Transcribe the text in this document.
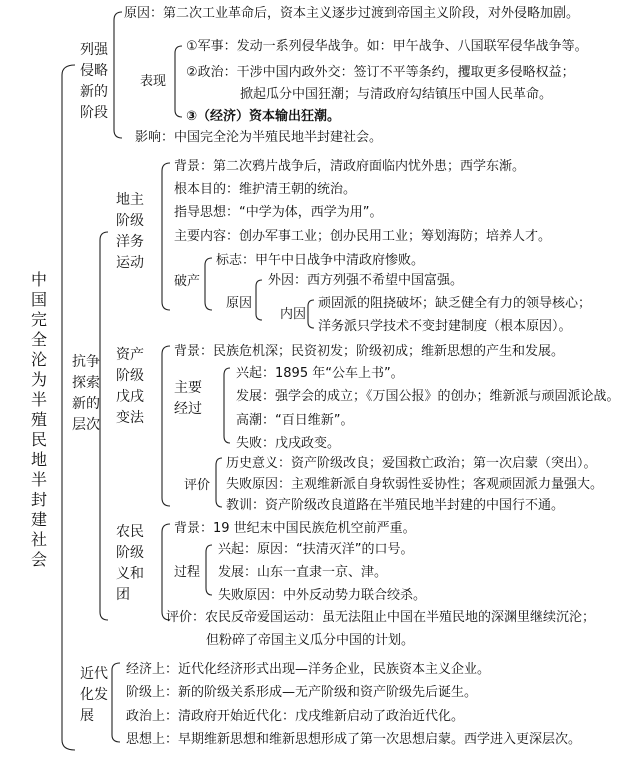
中国完全沦为半殖民地半封建社会
列强侵略新的阶段
原因：第二次工业革命后，资本主义逐步过渡到帝国主义阶段，对外侵略加剧。
表现
①军事：发动一系列侵华战争。如：甲午战争、八国联军侵华战争等。
②政治：干涉中国内政外交：签订不平等条约，攫取更多侵略权益；
掀起瓜分中国狂潮；与清政府勾结镇压中国人民革命。
③（经济）资本输出狂潮。
影响：中国完全沦为半殖民地半封建社会。
抗争探索新的层次
地主阶级洋务运动
背景：第二次鸦片战争后，清政府面临内忧外患；西学东渐。
根本目的：维护清王朝的统治。
指导思想：“中学为体，西学为用”。
主要内容：创办军事工业；创办民用工业；筹划海防；培养人才。
破产
标志：甲午中日战争中清政府惨败。
原因
外因：西方列强不希望中国富强。
内因
顽固派的阻挠破坏；缺乏健全有力的领导核心；
洋务派只学技术不变封建制度（根本原因）。
资产阶级戊戌变法
背景：民族危机深；民资初发；阶级初成；维新思想的产生和发展。
主要经过
兴起：1895 年“公车上书”。
发展：强学会的成立；《万国公报》的创办；维新派与顽固派论战。
高潮：“百日维新”。
失败：戊戌政变。
评价
历史意义：资产阶级改良；爱国救亡政治；第一次启蒙（突出）。
失败原因：主观维新派自身软弱性妥协性；客观顽固派力量强大。
教训：资产阶级改良道路在半殖民地半封建的中国行不通。
农民阶级义和团
背景：19 世纪末中国民族危机空前严重。
过程
兴起：原因：“扶清灭洋”的口号。
发展：山东一直隶一京、津。
失败原因：中外反动势力联合绞杀。
评价：农民反帝爱国运动：虽无法阻止中国在半殖民地的深渊里继续沉沦；
但粉碎了帝国主义瓜分中国的计划。
近代化发展
经济上：近代化经济形式出现—洋务企业，民族资本主义企业。
阶级上：新的阶级关系形成—无产阶级和资产阶级先后诞生。
政治上：清政府开始近代化：戊戌维新启动了政治近代化。
思想上：早期维新思想和维新思想形成了第一次思想启蒙。西学进入更深层次。
